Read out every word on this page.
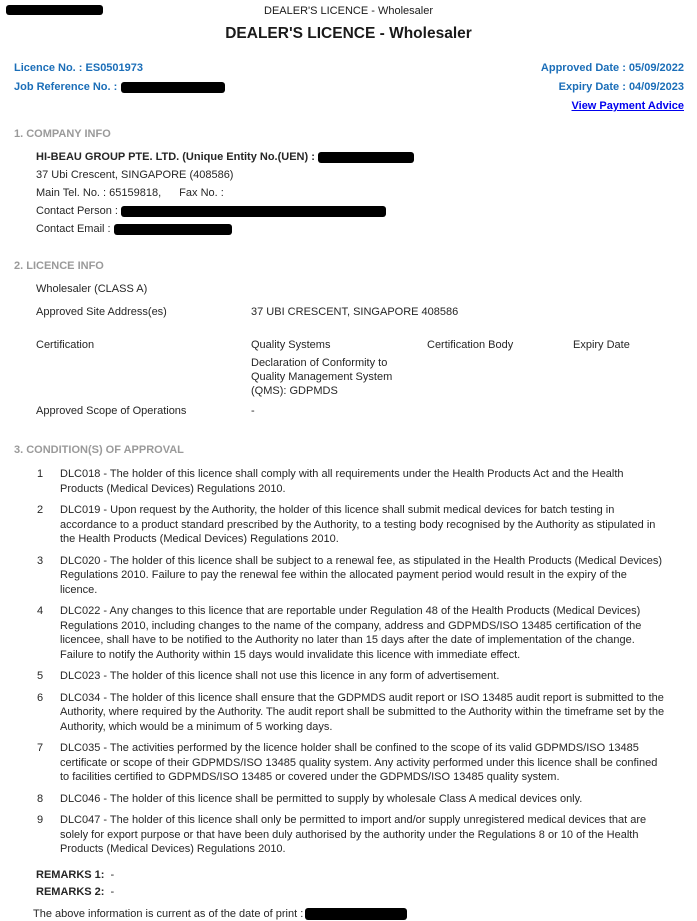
DEALER'S LICENCE - Wholesaler
DEALER'S LICENCE - Wholesaler
Licence No. : ES0501973
Job Reference No. :
Approved Date : 05/09/2022
Expiry Date : 04/09/2023
View Payment Advice
1. COMPANY INFO
HI-BEAU GROUP PTE. LTD. (Unique Entity No.(UEN) :
37 Ubi Crescent, SINGAPORE (408586)
Main Tel. No. : 65159818, Fax No. :
Contact Person :
Contact Email :
2. LICENCE INFO
Wholesaler (CLASS A)
Approved Site Address(es)	37 UBI CRESCENT, SINGAPORE 408586
Certification	Quality Systems	Certification Body	Expiry Date
Declaration of Conformity to Quality Management System (QMS): GDPMDS
Approved Scope of Operations	-
3. CONDITION(S) OF APPROVAL
1	DLC018 - The holder of this licence shall comply with all requirements under the Health Products Act and the Health Products (Medical Devices) Regulations 2010.
2	DLC019 - Upon request by the Authority, the holder of this licence shall submit medical devices for batch testing in accordance to a product standard prescribed by the Authority, to a testing body recognised by the Authority as stipulated in the Health Products (Medical Devices) Regulations 2010.
3	DLC020 - The holder of this licence shall be subject to a renewal fee, as stipulated in the Health Products (Medical Devices) Regulations 2010. Failure to pay the renewal fee within the allocated payment period would result in the expiry of the licence.
4	DLC022 - Any changes to this licence that are reportable under Regulation 48 of the Health Products (Medical Devices) Regulations 2010, including changes to the name of the company, address and GDPMDS/ISO 13485 certification of the licencee, shall have to be notified to the Authority no later than 15 days after the date of implementation of the change. Failure to notify the Authority within 15 days would invalidate this licence with immediate effect.
5	DLC023 - The holder of this licence shall not use this licence in any form of advertisement.
6	DLC034 - The holder of this licence shall ensure that the GDPMDS audit report or ISO 13485 audit report is submitted to the Authority, where required by the Authority. The audit report shall be submitted to the Authority within the timeframe set by the Authority, which would be a minimum of 5 working days.
7	DLC035 - The activities performed by the licence holder shall be confined to the scope of its valid GDPMDS/ISO 13485 certificate or scope of their GDPMDS/ISO 13485 quality system. Any activity performed under this licence shall be confined to facilities certified to GDPMDS/ISO 13485 or covered under the GDPMDS/ISO 13485 quality system.
8	DLC046 - The holder of this licence shall be permitted to supply by wholesale Class A medical devices only.
9	DLC047 - The holder of this licence shall only be permitted to import and/or supply unregistered medical devices that are solely for export purpose or that have been duly authorised by the authority under the Regulations 8 or 10 of the Health Products (Medical Devices) Regulations 2010.
REMARKS 1: -
REMARKS 2: -
The above information is current as of the date of print :
